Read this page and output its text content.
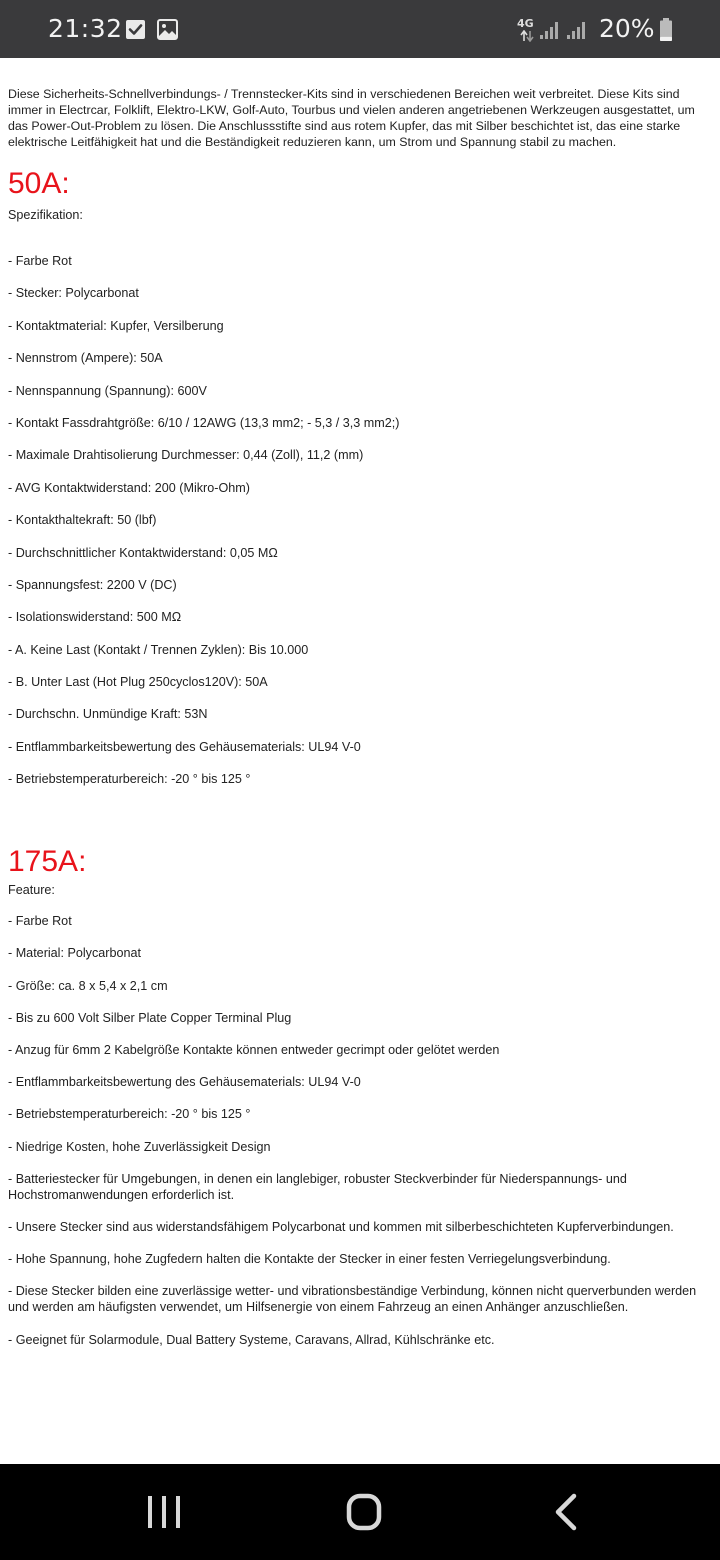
21:32	4G	20%

Diese Sicherheits-Schnellverbindungs- / Trennstecker-Kits sind in verschiedenen Bereichen weit verbreitet. Diese Kits sind immer in Electrcar, Folklift, Elektro-LKW, Golf-Auto, Tourbus und vielen anderen angetriebenen Werkzeugen ausgestattet, um das Power-Out-Problem zu lösen. Die Anschlussstifte sind aus rotem Kupfer, das mit Silber beschichtet ist, das eine starke elektrische Leitfähigkeit hat und die Beständigkeit reduzieren kann, um Strom und Spannung stabil zu machen.

50A:
Spezifikation:
- Farbe Rot
- Stecker: Polycarbonat
- Kontaktmaterial: Kupfer, Versilberung
- Nennstrom (Ampere): 50A
- Nennspannung (Spannung): 600V
- Kontakt Fassdrahtgröße: 6/10 / 12AWG (13,3 mm2; - 5,3 / 3,3 mm2;)
- Maximale Drahtisolierung Durchmesser: 0,44 (Zoll), 11,2 (mm)
- AVG Kontaktwiderstand: 200 (Mikro-Ohm)
- Kontakthaltekraft: 50 (lbf)
- Durchschnittlicher Kontaktwiderstand: 0,05 MΩ
- Spannungsfest: 2200 V (DC)
- Isolationswiderstand: 500 MΩ
- A. Keine Last (Kontakt / Trennen Zyklen): Bis 10.000
- B. Unter Last (Hot Plug 250cyclos120V): 50A
- Durchschn. Unmündige Kraft: 53N
- Entflammbarkeitsbewertung des Gehäusematerials: UL94 V-0
- Betriebstemperaturbereich: -20 ° bis 125 °
175A:
Feature:
- Farbe Rot
- Material: Polycarbonat
- Größe: ca. 8 x 5,4 x 2,1 cm
- Bis zu 600 Volt Silber Plate Copper Terminal Plug
- Anzug für 6mm 2 Kabelgröße Kontakte können entweder gecrimpt oder gelötet werden
- Entflammbarkeitsbewertung des Gehäusematerials: UL94 V-0
- Betriebstemperaturbereich: -20 ° bis 125 °
- Niedrige Kosten, hohe Zuverlässigkeit Design
- Batteriestecker für Umgebungen, in denen ein langlebiger, robuster Steckverbinder für Niederspannungs- und Hochstromanwendungen erforderlich ist.
- Unsere Stecker sind aus widerstandsfähigem Polycarbonat und kommen mit silberbeschichteten Kupferverbindungen.
- Hohe Spannung, hohe Zugfedern halten die Kontakte der Stecker in einer festen Verriegelungsverbindung.
- Diese Stecker bilden eine zuverlässige wetter- und vibrationsbeständige Verbindung, können nicht querverbunden werden und werden am häufigsten verwendet, um Hilfsenergie von einem Fahrzeug an einen Anhänger anzuschließen.
- Geeignet für Solarmodule, Dual Battery Systeme, Caravans, Allrad, Kühlschränke etc.
